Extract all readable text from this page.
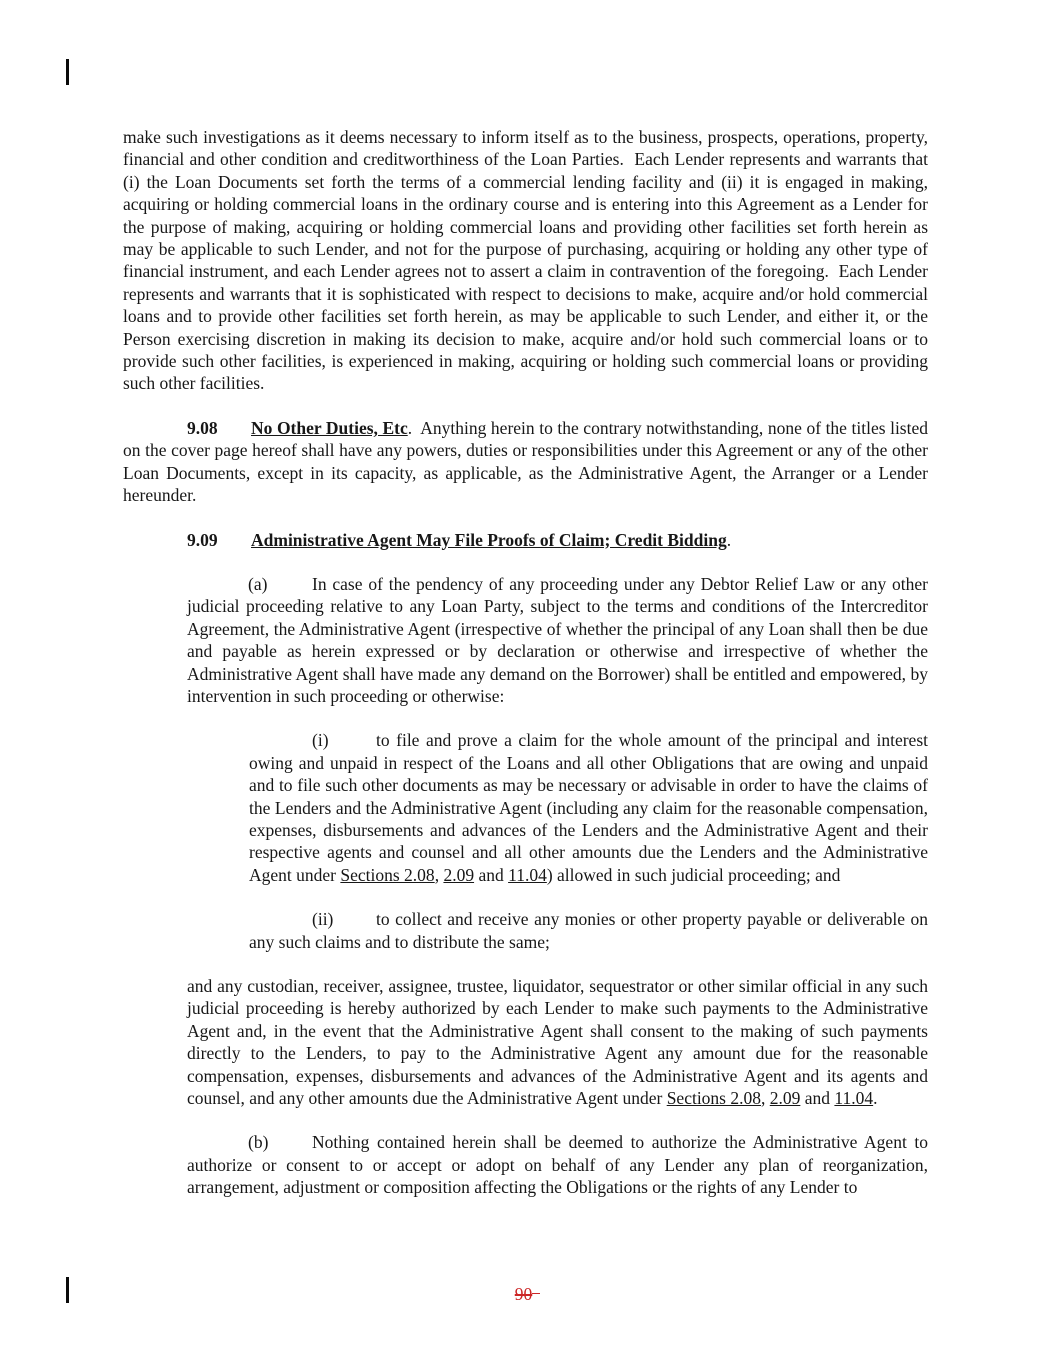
make such investigations as it deems necessary to inform itself as to the business, prospects, operations, property, financial and other condition and creditworthiness of the Loan Parties.  Each Lender represents and warrants that (i) the Loan Documents set forth the terms of a commercial lending facility and (ii) it is engaged in making, acquiring or holding commercial loans in the ordinary course and is entering into this Agreement as a Lender for the purpose of making, acquiring or holding commercial loans and providing other facilities set forth herein as may be applicable to such Lender, and not for the purpose of purchasing, acquiring or holding any other type of financial instrument, and each Lender agrees not to assert a claim in contravention of the foregoing.  Each Lender represents and warrants that it is sophisticated with respect to decisions to make, acquire and/or hold commercial loans and to provide other facilities set forth herein, as may be applicable to such Lender, and either it, or the Person exercising discretion in making its decision to make, acquire and/or hold such commercial loans or to provide such other facilities, is experienced in making, acquiring or holding such commercial loans or providing such other facilities.

9.08 No Other Duties, Etc.  Anything herein to the contrary notwithstanding, none of the titles listed on the cover page hereof shall have any powers, duties or responsibilities under this Agreement or any of the other Loan Documents, except in its capacity, as applicable, as the Administrative Agent, the Arranger or a Lender hereunder.

9.09 Administrative Agent May File Proofs of Claim; Credit Bidding.

(a)	In case of the pendency of any proceeding under any Debtor Relief Law or any other judicial proceeding relative to any Loan Party, subject to the terms and conditions of the Intercreditor Agreement, the Administrative Agent (irrespective of whether the principal of any Loan shall then be due and payable as herein expressed or by declaration or otherwise and irrespective of whether the Administrative Agent shall have made any demand on the Borrower) shall be entitled and empowered, by intervention in such proceeding or otherwise:

(i)	to file and prove a claim for the whole amount of the principal and interest owing and unpaid in respect of the Loans and all other Obligations that are owing and unpaid and to file such other documents as may be necessary or advisable in order to have the claims of the Lenders and the Administrative Agent (including any claim for the reasonable compensation, expenses, disbursements and advances of the Lenders and the Administrative Agent and their respective agents and counsel and all other amounts due the Lenders and the Administrative Agent under Sections 2.08, 2.09 and 11.04) allowed in such judicial proceeding; and

(ii) to collect and receive any monies or other property payable or deliverable on any such claims and to distribute the same;

and any custodian, receiver, assignee, trustee, liquidator, sequestrator or other similar official in any such judicial proceeding is hereby authorized by each Lender to make such payments to the Administrative Agent and, in the event that the Administrative Agent shall consent to the making of such payments directly to the Lenders, to pay to the Administrative Agent any amount due for the reasonable compensation, expenses, disbursements and advances of the Administrative Agent and its agents and counsel, and any other amounts due the Administrative Agent under Sections 2.08, 2.09 and 11.04.

(b) Nothing contained herein shall be deemed to authorize the Administrative Agent to authorize or consent to or accept or adopt on behalf of any Lender any plan of reorganization, arrangement, adjustment or composition affecting the Obligations or the rights of any Lender to

90
